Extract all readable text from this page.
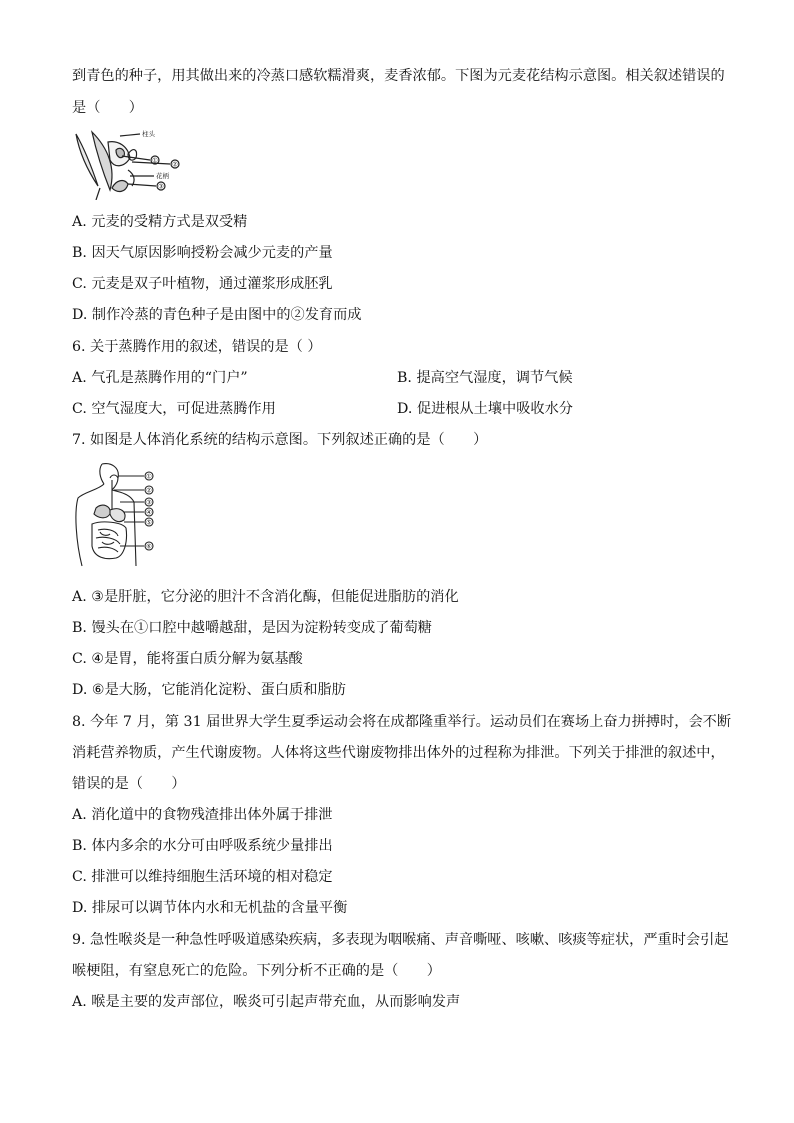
到青色的种子，用其做出来的冷蒸口感软糯滑爽，麦香浓郁。下图为元麦花结构示意图。相关叙述错误的
是（　　）
柱头
① ②
花柄
③
A. 元麦的受精方式是双受精
B. 因天气原因影响授粉会减少元麦的产量
C. 元麦是双子叶植物，通过灌浆形成胚乳
D. 制作冷蒸的青色种子是由图中的②发育而成
6. 关于蒸腾作用的叙述，错误的是（ ）
A. 气孔是蒸腾作用的“门户”	B. 提高空气湿度，调节气候
C. 空气湿度大，可促进蒸腾作用	D. 促进根从土壤中吸收水分
7. 如图是人体消化系统的结构示意图。下列叙述正确的是（　　）
①
②
③
④
⑤
⑥
A. ③是肝脏，它分泌的胆汁不含消化酶，但能促进脂肪的消化
B. 馒头在①口腔中越嚼越甜，是因为淀粉转变成了葡萄糖
C. ④是胃，能将蛋白质分解为氨基酸
D. ⑥是大肠，它能消化淀粉、蛋白质和脂肪
8. 今年 7 月，第 31 届世界大学生夏季运动会将在成都隆重举行。运动员们在赛场上奋力拼搏时，会不断
消耗营养物质，产生代谢废物。人体将这些代谢废物排出体外的过程称为排泄。下列关于排泄的叙述中，
错误的是（　　）
A. 消化道中的食物残渣排出体外属于排泄
B. 体内多余的水分可由呼吸系统少量排出
C. 排泄可以维持细胞生活环境的相对稳定
D. 排尿可以调节体内水和无机盐的含量平衡
9. 急性喉炎是一种急性呼吸道感染疾病，多表现为咽喉痛、声音嘶哑、咳嗽、咳痰等症状，严重时会引起
喉梗阻，有窒息死亡的危险。下列分析不正确的是（　　）
A. 喉是主要的发声部位，喉炎可引起声带充血，从而影响发声
